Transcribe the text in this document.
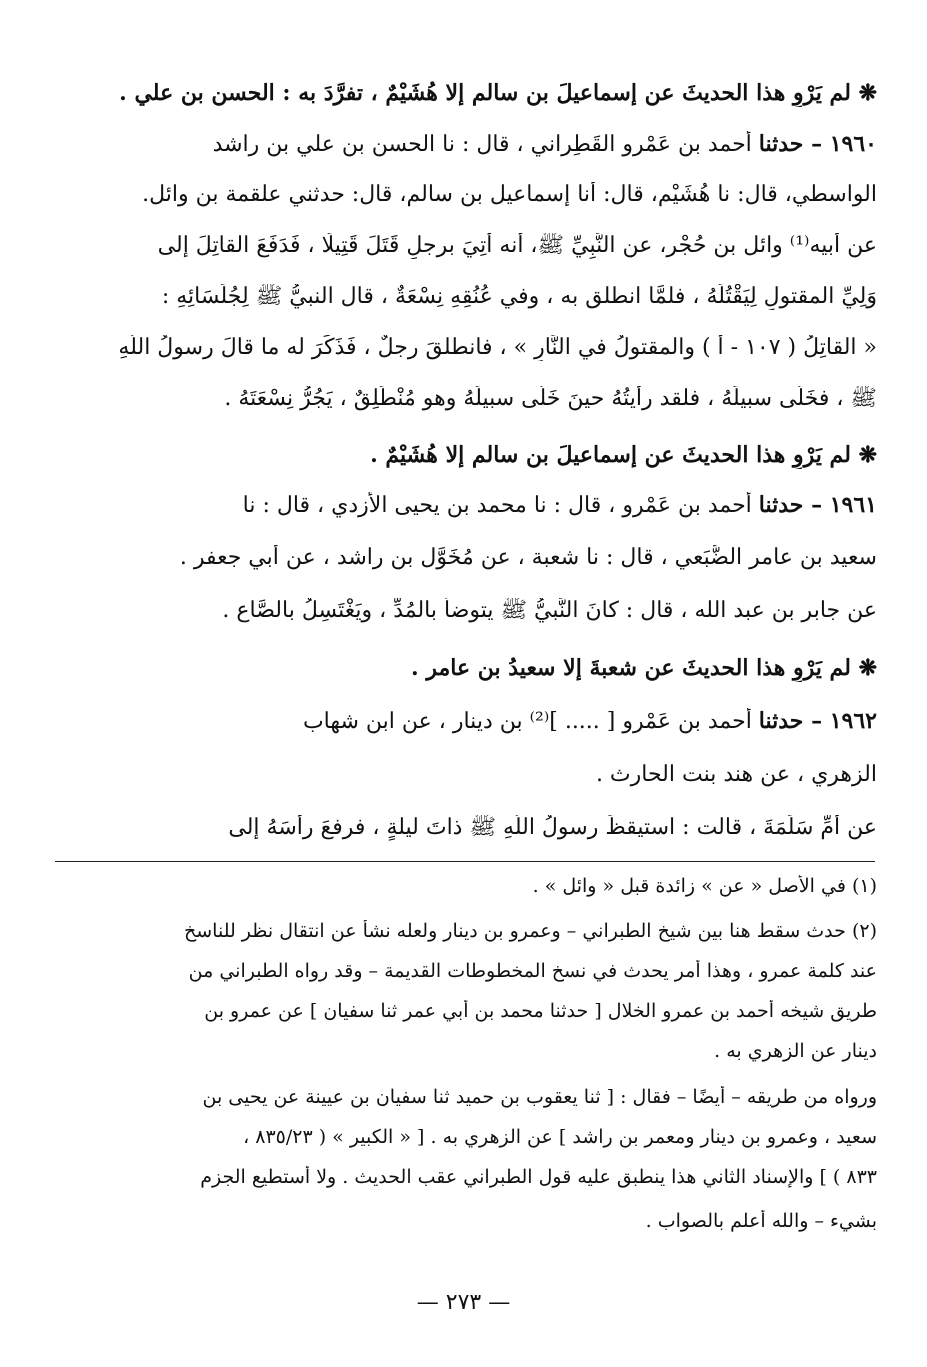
❋ لم يَرْوِ هذا الحديثَ عن إسماعيلَ بن سالم إلا هُشَيْمٌ ، تفرَّدَ به : الحسن بن علي .
١٩٦٠ – حدثنا أحمد بن عَمْرو القَطِراني ، قال : نا الحسن بن علي بن راشد
الواسطي، قال: نا هُشَيْم، قال: أنا إسماعيل بن سالم، قال: حدثني علقمة بن وائل.
عن أبيه⁽¹⁾ وائل بن حُجْر، عن النَّبِيِّ ﷺ، أنه أُتِيَ برجلٍ قَتَلَ قَتِيلًا ، فَدَفَعَ القاتِلَ إلى
وَلِيِّ المقتولِ لِيَقْتُلَهُ ، فلمَّا انطلق به ، وفي عُنُقِهِ نِسْعَةٌ ، قال النبيُّ ﷺ لِجُلَسَائِهِ :
« القاتِلُ ( ١٠٧ - أ ) والمقتولُ في النَّارِ » ، فانطلقَ رجلٌ ، فَذَكَرَ له ما قالَ رسولُ اللَّهِ
ﷺ ، فخَلَّى سبيلَهُ ، فلقد رأيتُهُ حينَ خَلَّى سبيلَهُ وهو مُنْطَلِقٌ ، يَجُرُّ نِسْعَتَهُ .
❋ لم يَرْوِ هذا الحديثَ عن إسماعيلَ بن سالم إلا هُشَيْمٌ .
١٩٦١ – حدثنا أحمد بن عَمْرو ، قال : نا محمد بن يحيى الأَزدي ، قال : نا
سعيد بن عامر الضُّبَعي ، قال : نا شعبة ، عن مُخَوَّل بن راشد ، عن أبي جعفر .
عن جابر بن عبد الله ، قال : كانَ النَّبيُّ ﷺ يتوضأُ بالمُدِّ ، ويَغْتَسِلُ بالصَّاعِ .
❋ لم يَرْوِ هذا الحديثَ عن شعبةَ إلا سعيدُ بن عامر .
١٩٦٢ – حدثنا أحمد بن عَمْرو [ ..... ]⁽²⁾ بن دينار ، عن ابن شهاب
الزهري ، عن هند بنت الحارث .
عن أُمِّ سَلَمَةَ ، قالت : استيقظَ رسولُ اللَّهِ ﷺ ذاتَ ليلةٍ ، فرفعَ رأسَهُ إلى
(١) في الأصل « عن » زائدة قبل « وائل » .
(٢) حدث سقط هنا بين شيخ الطبراني – وعمرو بن دينار ولعله نشأ عن انتقال نظر للناسخ
عند كلمة عمرو ، وهذا أمر يحدث في نسخ المخطوطات القديمة – وقد رواه الطبراني من
طريق شيخه أحمد بن عمرو الخلال [ حدثنا محمد بن أبي عمر ثنا سفيان ] عن عمرو بن
دينار عن الزهري به .
ورواه من طريقه – أيضًا – فقال : [ ثنا يعقوب بن حميد ثنا سفيان بن عيينة عن يحيى بن
سعيد ، وعمرو بن دينار ومعمر بن راشد ] عن الزهري به . [ « الكبير » ( ٨٣٥/٢٣ ،
٨٣٣ ) ] والإسناد الثاني هذا ينطبق عليه قول الطبراني عقب الحديث . ولا أستطيع الجزم
بشيء – والله أعلم بالصواب .
— ٢٧٣ —
